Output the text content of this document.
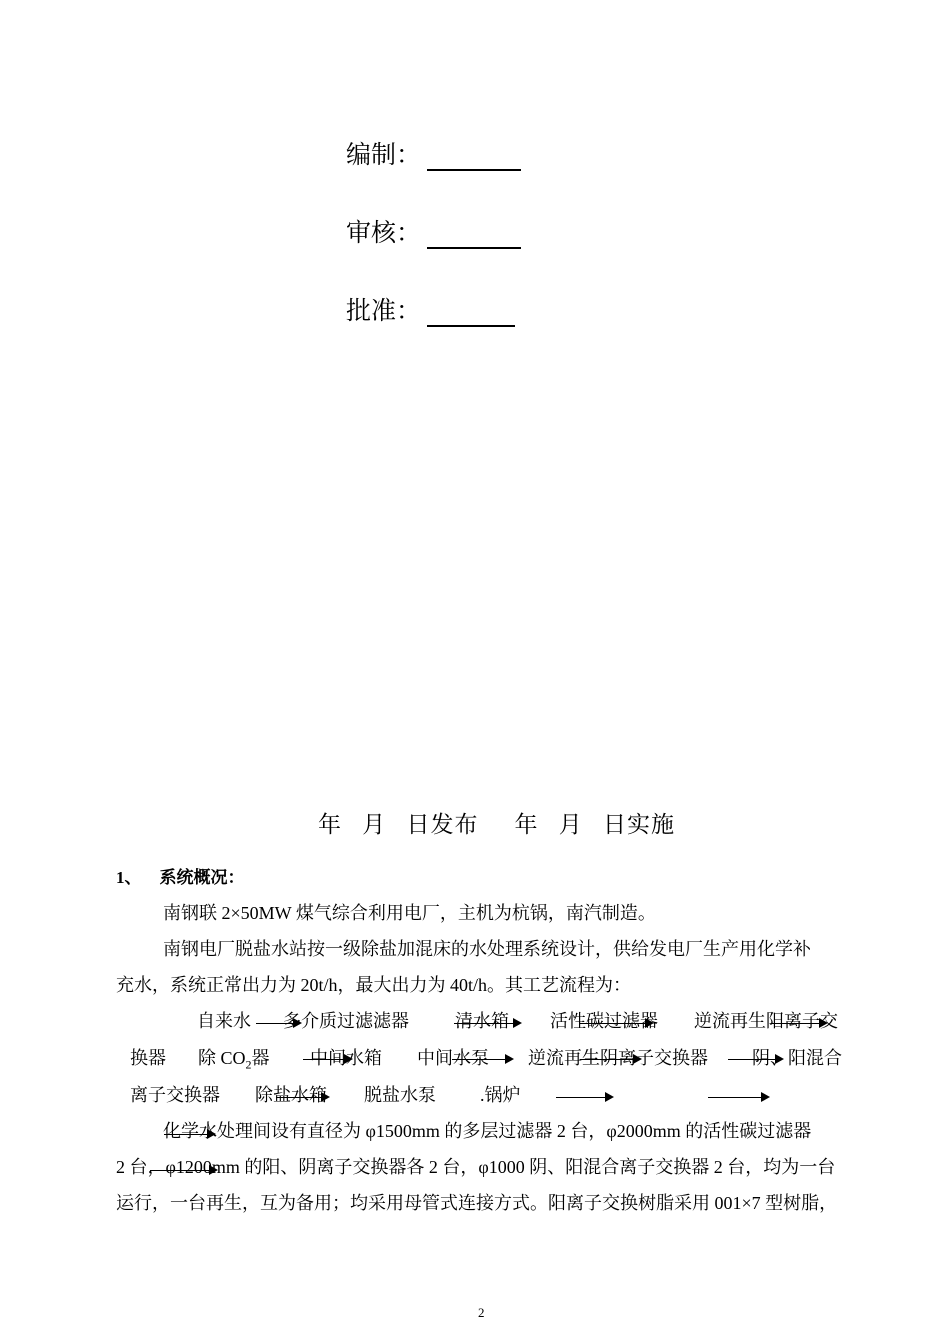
编制：
审核：
批准：
年   月   日发布 年   月   日实施
1、 系统概况：
南钢联 2×50MW 煤气综合利用电厂，主机为杭锅，南汽制造。
南钢电厂脱盐水站按一级除盐加混床的水处理系统设计，供给发电厂生产用化学补
充水，系统正常出力为 20t/h，最大出力为 40t/h。其工艺流程为：
自来水 多介质过滤滤器	清水箱 活性碳过滤器 逆流再生阳离子交
换器 除 $CO_2$器 中间水箱 中间水泵 逆流再生阴离子交换器 阴、阳混合
离子交换器 除盐水箱 脱盐水泵 .锅炉
化学水处理间设有直径为 φ1500mm 的多层过滤器 2 台，φ2000mm 的活性碳过滤器
2 台，φ1200mm 的阳、阴离子交换器各 2 台，φ1000 阴、阳混合离子交换器 2 台，均为一台
运行，一台再生，互为备用；均采用母管式连接方式。阳离子交换树脂采用 001×7 型树脂，
2
